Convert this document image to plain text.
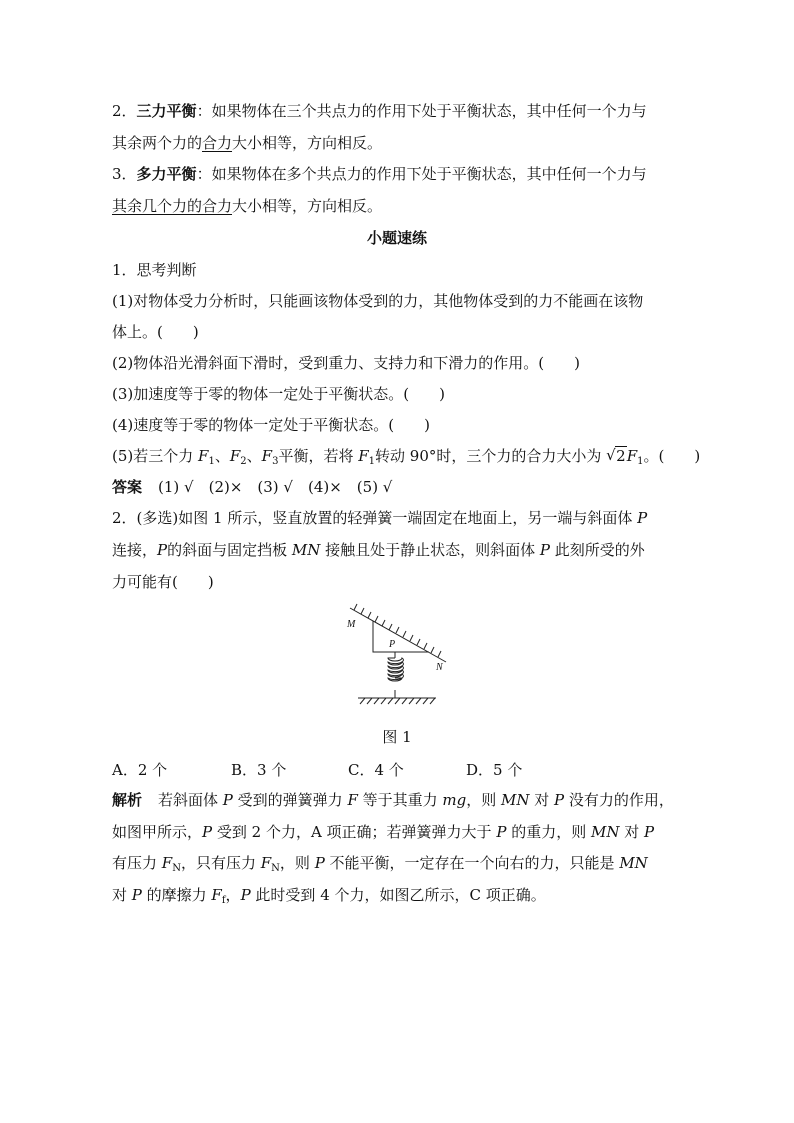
2．三力平衡：如果物体在三个共点力的作用下处于平衡状态，其中任何一个力与
其余两个力的合力大小相等，方向相反。
3．多力平衡：如果物体在多个共点力的作用下处于平衡状态，其中任何一个力与
其余几个力的合力大小相等，方向相反。
小题速练
1．思考判断
(1)对物体受力分析时，只能画该物体受到的力，其他物体受到的力不能画在该物
体上。(　　)
(2)物体沿光滑斜面下滑时，受到重力、支持力和下滑力的作用。(　　)
(3)加速度等于零的物体一定处于平衡状态。(　　)
(4)速度等于零的物体一定处于平衡状态。(　　)
(5)若三个力 $F_1$、$F_2$、$F_3$平衡，若将 $F_1$转动 90°时，三个力的合力大小为 √ $2F_1$。(　　)
答案 (1) √　(2)×　(3) √　(4)×　(5) √
2．(多选)如图 1 所示，竖直放置的轻弹簧一端固定在地面上，另一端与斜面体 P
连接，P的斜面与固定挡板 MN 接触且处于静止状态，则斜面体 P 此刻所受的外
力可能有(　　)
M
N
P
图 1
A．2 个	B．3 个	C．4 个	D．5 个
解析 若斜面体 P 受到的弹簧弹力 F 等于其重力 mg，则 MN 对 P 没有力的作用，
如图甲所示，P 受到 2 个力，A 项正确；若弹簧弹力大于 P 的重力，则 MN 对 P
有压力 $F_N$，只有压力 $F_N$，则 P 不能平衡，一定存在一个向右的力，只能是 MN
对 P 的摩擦力 $F_f$，P 此时受到 4 个力，如图乙所示，C 项正确。
